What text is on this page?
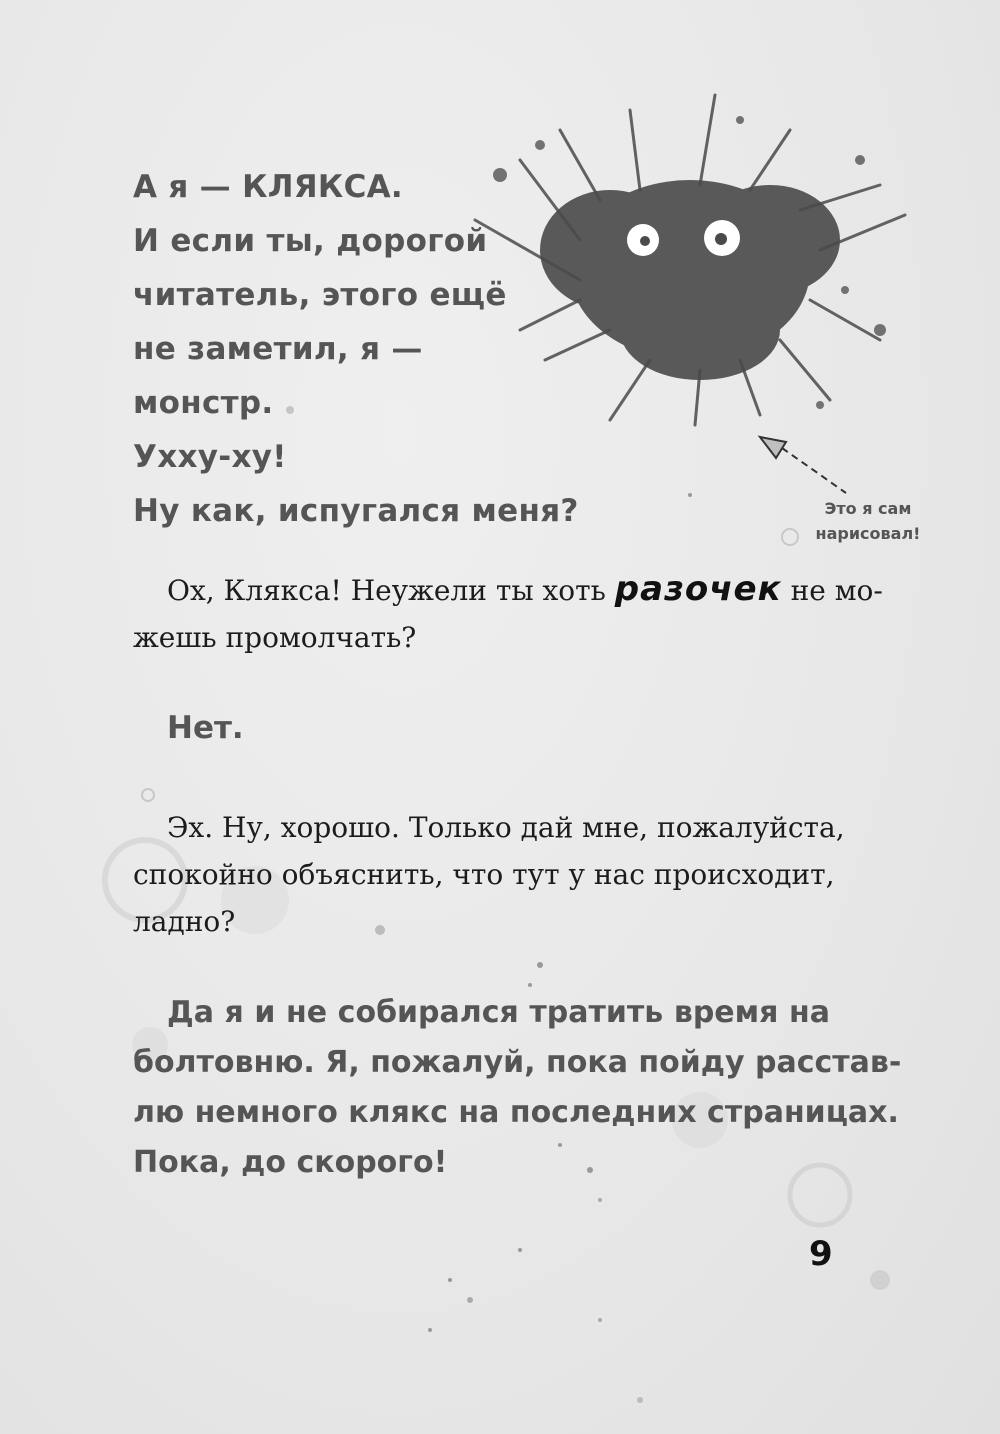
А я — КЛЯКСА.
И если ты, дорогой
читатель, этого ещё
не заметил, я —
монстр.
Ухху-ху!
Ну как, испугался меня?	Это я сам
нарисовал!
Ох, Клякса! Неужели ты хоть разочек не мо-
жешь промолчать?
Нет.
Эх. Ну, хорошо. Только дай мне, пожалуйста,
спокойно объяснить, что тут у нас происходит,
ладно?
Да я и не собирался тратить время на
болтовню. Я, пожалуй, пока пойду расстав-
лю немного клякс на последних страницах.
Пока, до скорого!
9
